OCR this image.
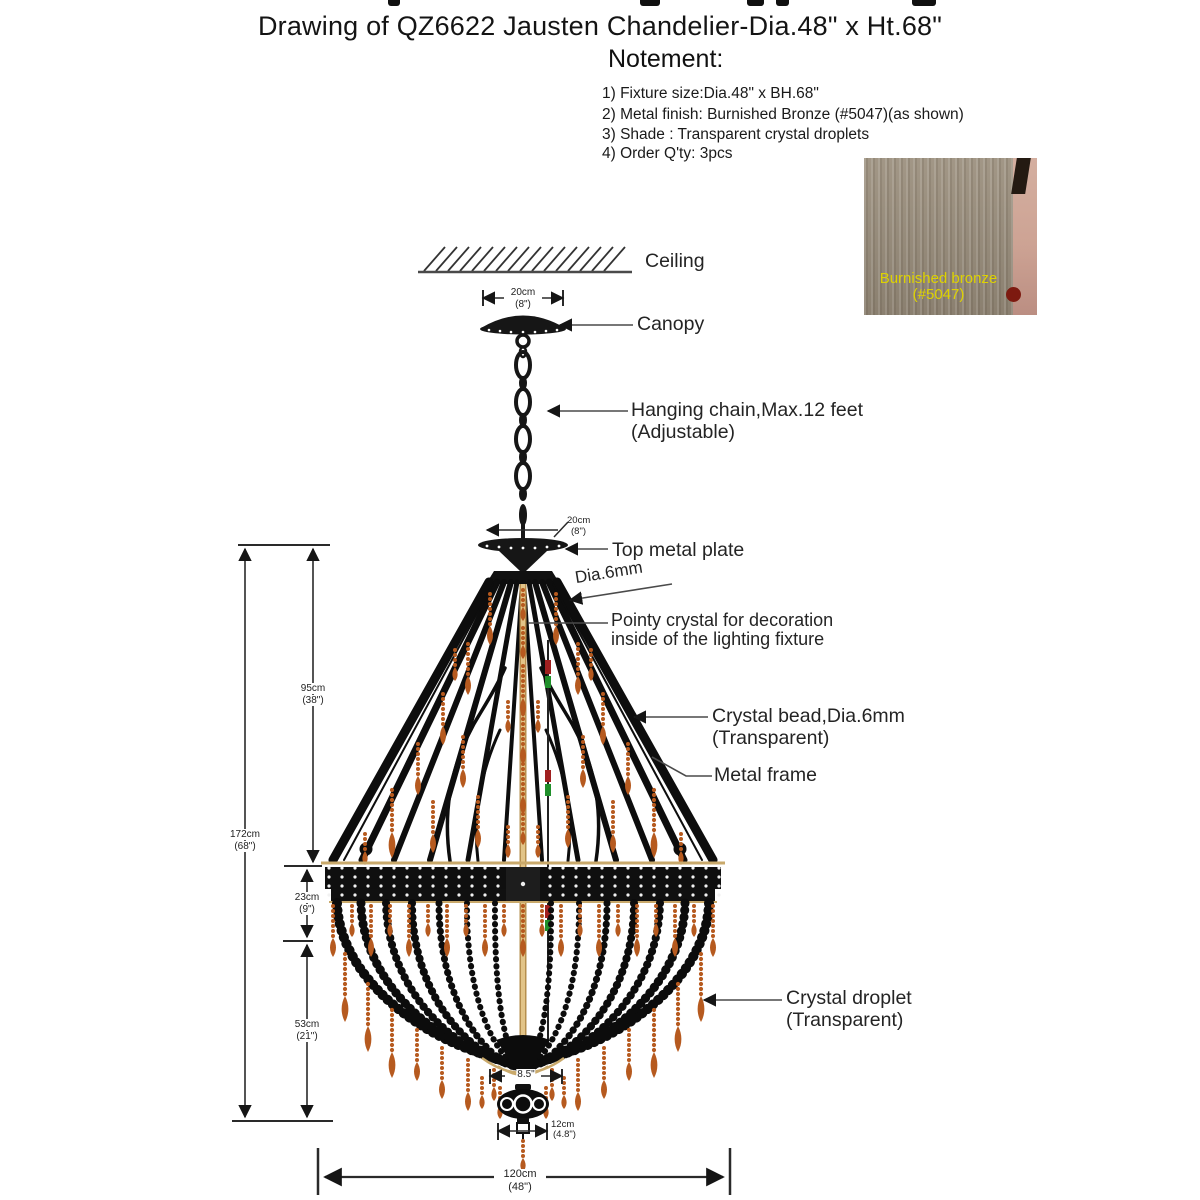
Drawing of QZ6622 Jausten Chandelier-Dia.48" x Ht.68"
Notement:
1) Fixture size:Dia.48" x BH.68"
2) Metal finish: Burnished Bronze (#5047)(as shown)
3) Shade : Transparent crystal droplets
4) Order Q'ty: 3pcs
Burnished bronze
(#5047)
Ceiling
Canopy
Hanging chain,Max.12 feet
(Adjustable)
Top metal plate
Dia.6mm
Pointy crystal for decoration
inside of the lighting fixture
Crystal bead,Dia.6mm
(Transparent)
Metal frame
Crystal droplet
(Transparent)
20cm
(8")
20cm
(8")
95cm
(38")
172cm
(68")
23cm
(9")
53cm
(21")
8.5"
12cm
(4.8")
120cm
(48")
